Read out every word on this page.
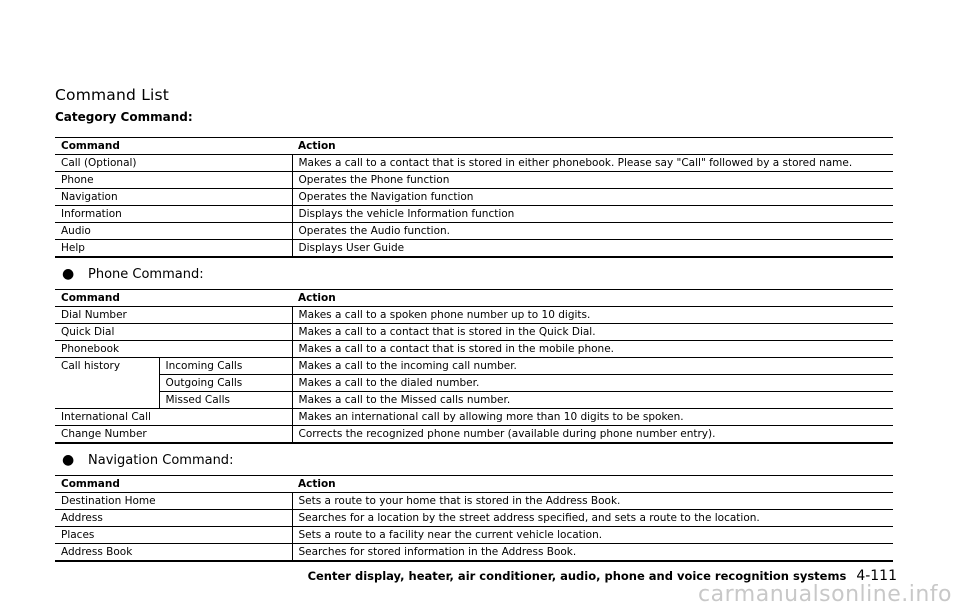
Command List
Category Command:
Command	Action
Call (Optional)	Makes a call to a contact that is stored in either phonebook. Please say "Call" followed by a stored name.
Phone	Operates the Phone function
Navigation	Operates the Navigation function
Information	Displays the vehicle Information function
Audio	Operates the Audio function.
Help	Displays User Guide

● Phone Command:

Command		Action
Dial Number		Makes a call to a spoken phone number up to 10 digits.
Quick Dial		Makes a call to a contact that is stored in the Quick Dial.
Phonebook		Makes a call to a contact that is stored in the mobile phone.
Call history	Incoming Calls	Makes a call to the incoming call number.
	Outgoing Calls	Makes a call to the dialed number.
	Missed Calls	Makes a call to the Missed calls number.
International Call		Makes an international call by allowing more than 10 digits to be spoken.
Change Number		Corrects the recognized phone number (available during phone number entry).

● Navigation Command:

Command	Action
Destination Home	Sets a route to your home that is stored in the Address Book.
Address	Searches for a location by the street address specified, and sets a route to the location.
Places	Sets a route to a facility near the current vehicle location.
Address Book	Searches for stored information in the Address Book.

Center display, heater, air conditioner, audio, phone and voice recognition systems 4-111

carmanualsonline.info
